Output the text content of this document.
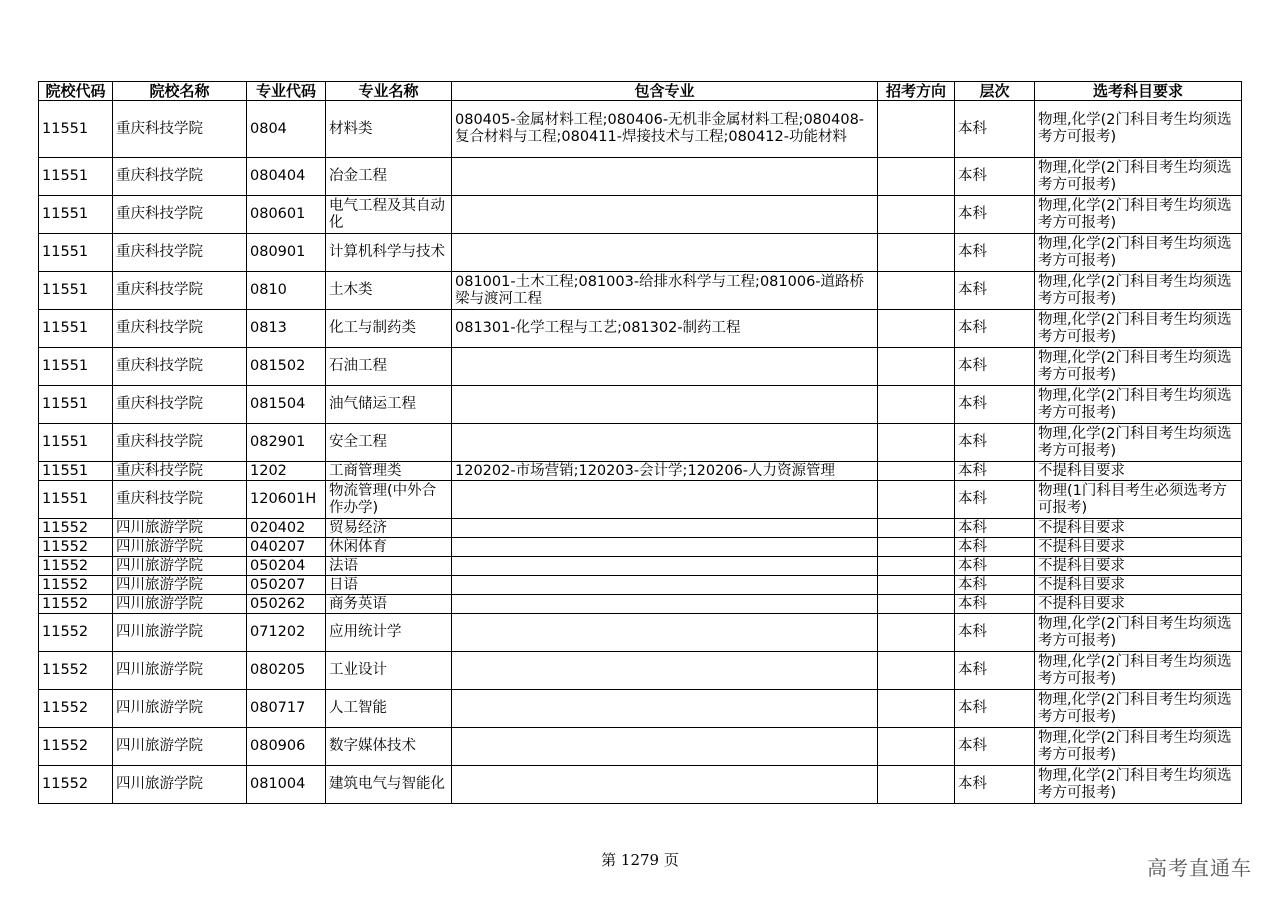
院校代码	院校名称	专业代码	专业名称	包含专业	招考方向	层次	选考科目要求
11551	重庆科技学院	0804	材料类	080405-金属材料工程;080406-无机非金属材料工程;080408-复合材料与工程;080411-焊接技术与工程;080412-功能材料		本科	物理,化学(2门科目考生均须选考方可报考)
11551	重庆科技学院	080404	冶金工程			本科	物理,化学(2门科目考生均须选考方可报考)
11551	重庆科技学院	080601	电气工程及其自动化			本科	物理,化学(2门科目考生均须选考方可报考)
11551	重庆科技学院	080901	计算机科学与技术			本科	物理,化学(2门科目考生均须选考方可报考)
11551	重庆科技学院	0810	土木类	081001-土木工程;081003-给排水科学与工程;081006-道路桥梁与渡河工程		本科	物理,化学(2门科目考生均须选考方可报考)
11551	重庆科技学院	0813	化工与制药类	081301-化学工程与工艺;081302-制药工程		本科	物理,化学(2门科目考生均须选考方可报考)
11551	重庆科技学院	081502	石油工程			本科	物理,化学(2门科目考生均须选考方可报考)
11551	重庆科技学院	081504	油气储运工程			本科	物理,化学(2门科目考生均须选考方可报考)
11551	重庆科技学院	082901	安全工程			本科	物理,化学(2门科目考生均须选考方可报考)
11551	重庆科技学院	1202	工商管理类	120202-市场营销;120203-会计学;120206-人力资源管理		本科	不提科目要求
11551	重庆科技学院	120601H	物流管理(中外合作办学)			本科	物理(1门科目考生必须选考方可报考)
11552	四川旅游学院	020402	贸易经济			本科	不提科目要求
11552	四川旅游学院	040207	休闲体育			本科	不提科目要求
11552	四川旅游学院	050204	法语			本科	不提科目要求
11552	四川旅游学院	050207	日语			本科	不提科目要求
11552	四川旅游学院	050262	商务英语			本科	不提科目要求
11552	四川旅游学院	071202	应用统计学			本科	物理,化学(2门科目考生均须选考方可报考)
11552	四川旅游学院	080205	工业设计			本科	物理,化学(2门科目考生均须选考方可报考)
11552	四川旅游学院	080717	人工智能			本科	物理,化学(2门科目考生均须选考方可报考)
11552	四川旅游学院	080906	数字媒体技术			本科	物理,化学(2门科目考生均须选考方可报考)
11552	四川旅游学院	081004	建筑电气与智能化			本科	物理,化学(2门科目考生均须选考方可报考)
第 1279 页	高考直通车
